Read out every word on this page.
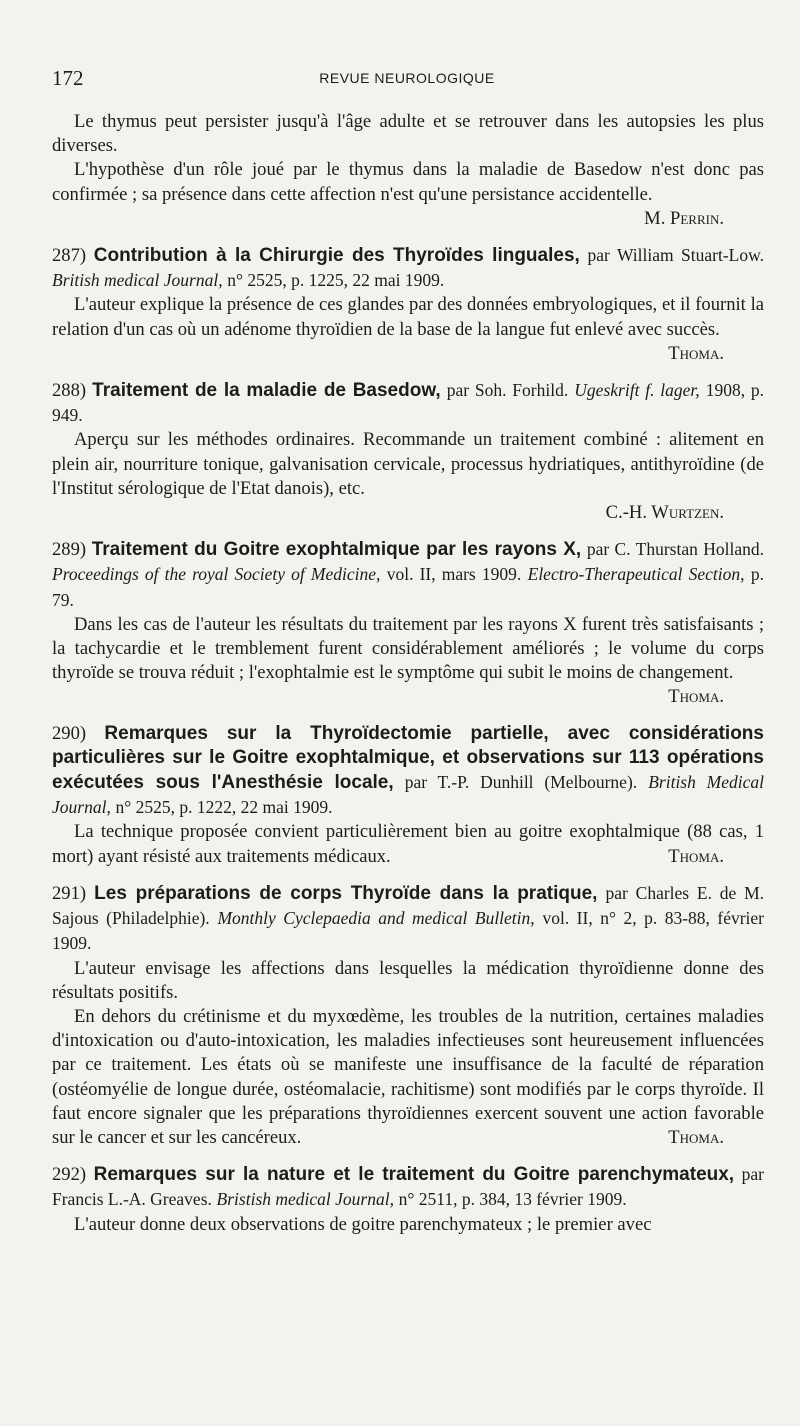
172	REVUE NEUROLOGIQUE

Le thymus peut persister jusqu'à l'âge adulte et se retrouver dans les autopsies les plus diverses.

L'hypothèse d'un rôle joué par le thymus dans la maladie de Basedow n'est donc pas confirmée ; sa présence dans cette affection n'est qu'une persistance accidentelle.

M. Perrin.

287) Contribution à la Chirurgie des Thyroïdes linguales, par William Stuart-Low. British medical Journal, n° 2525, p. 1225, 22 mai 1909.

L'auteur explique la présence de ces glandes par des données embryologiques, et il fournit la relation d'un cas où un adénome thyroïdien de la base de la langue fut enlevé avec succès.

Thoma.

288) Traitement de la maladie de Basedow, par Soh. Forhild. Ugeskrift f. lager, 1908, p. 949.

Aperçu sur les méthodes ordinaires. Recommande un traitement combiné : alitement en plein air, nourriture tonique, galvanisation cervicale, processus hydriatiques, antithyroïdine (de l'Institut sérologique de l'Etat danois), etc.

C.-H. Wurtzen.

289) Traitement du Goitre exophtalmique par les rayons X, par C. Thurstan Holland. Proceedings of the royal Society of Medicine, vol. II, mars 1909. Electro-Therapeutical Section, p. 79.

Dans les cas de l'auteur les résultats du traitement par les rayons X furent très satisfaisants ; la tachycardie et le tremblement furent considérablement améliorés ; le volume du corps thyroïde se trouva réduit ; l'exophtalmie est le symptôme qui subit le moins de changement.

Thoma.

290) Remarques sur la Thyroïdectomie partielle, avec considérations particulières sur le Goitre exophtalmique, et observations sur 113 opérations exécutées sous l'Anesthésie locale, par T.-P. Dunhill (Melbourne). British Medical Journal, n° 2525, p. 1222, 22 mai 1909.

La technique proposée convient particulièrement bien au goitre exophtalmique (88 cas, 1 mort) ayant résisté aux traitements médicaux.	Thoma.

291) Les préparations de corps Thyroïde dans la pratique, par Charles E. de M. Sajous (Philadelphie). Monthly Cyclepaedia and medical Bulletin, vol. II, n° 2, p. 83-88, février 1909.

L'auteur envisage les affections dans lesquelles la médication thyroïdienne donne des résultats positifs.

En dehors du crétinisme et du myxœdème, les troubles de la nutrition, certaines maladies d'intoxication ou d'auto-intoxication, les maladies infectieuses sont heureusement influencées par ce traitement. Les états où se manifeste une insuffisance de la faculté de réparation (ostéomyélie de longue durée, ostéomalacie, rachitisme) sont modifiés par le corps thyroïde. Il faut encore signaler que les préparations thyroïdiennes exercent souvent une action favorable sur le cancer et sur les cancéreux.	Thoma.

292) Remarques sur la nature et le traitement du Goitre parenchymateux, par Francis L.-A. Greaves. Bristish medical Journal, n° 2511, p. 384, 13 février 1909.

L'auteur donne deux observations de goitre parenchymateux ; le premier avec
